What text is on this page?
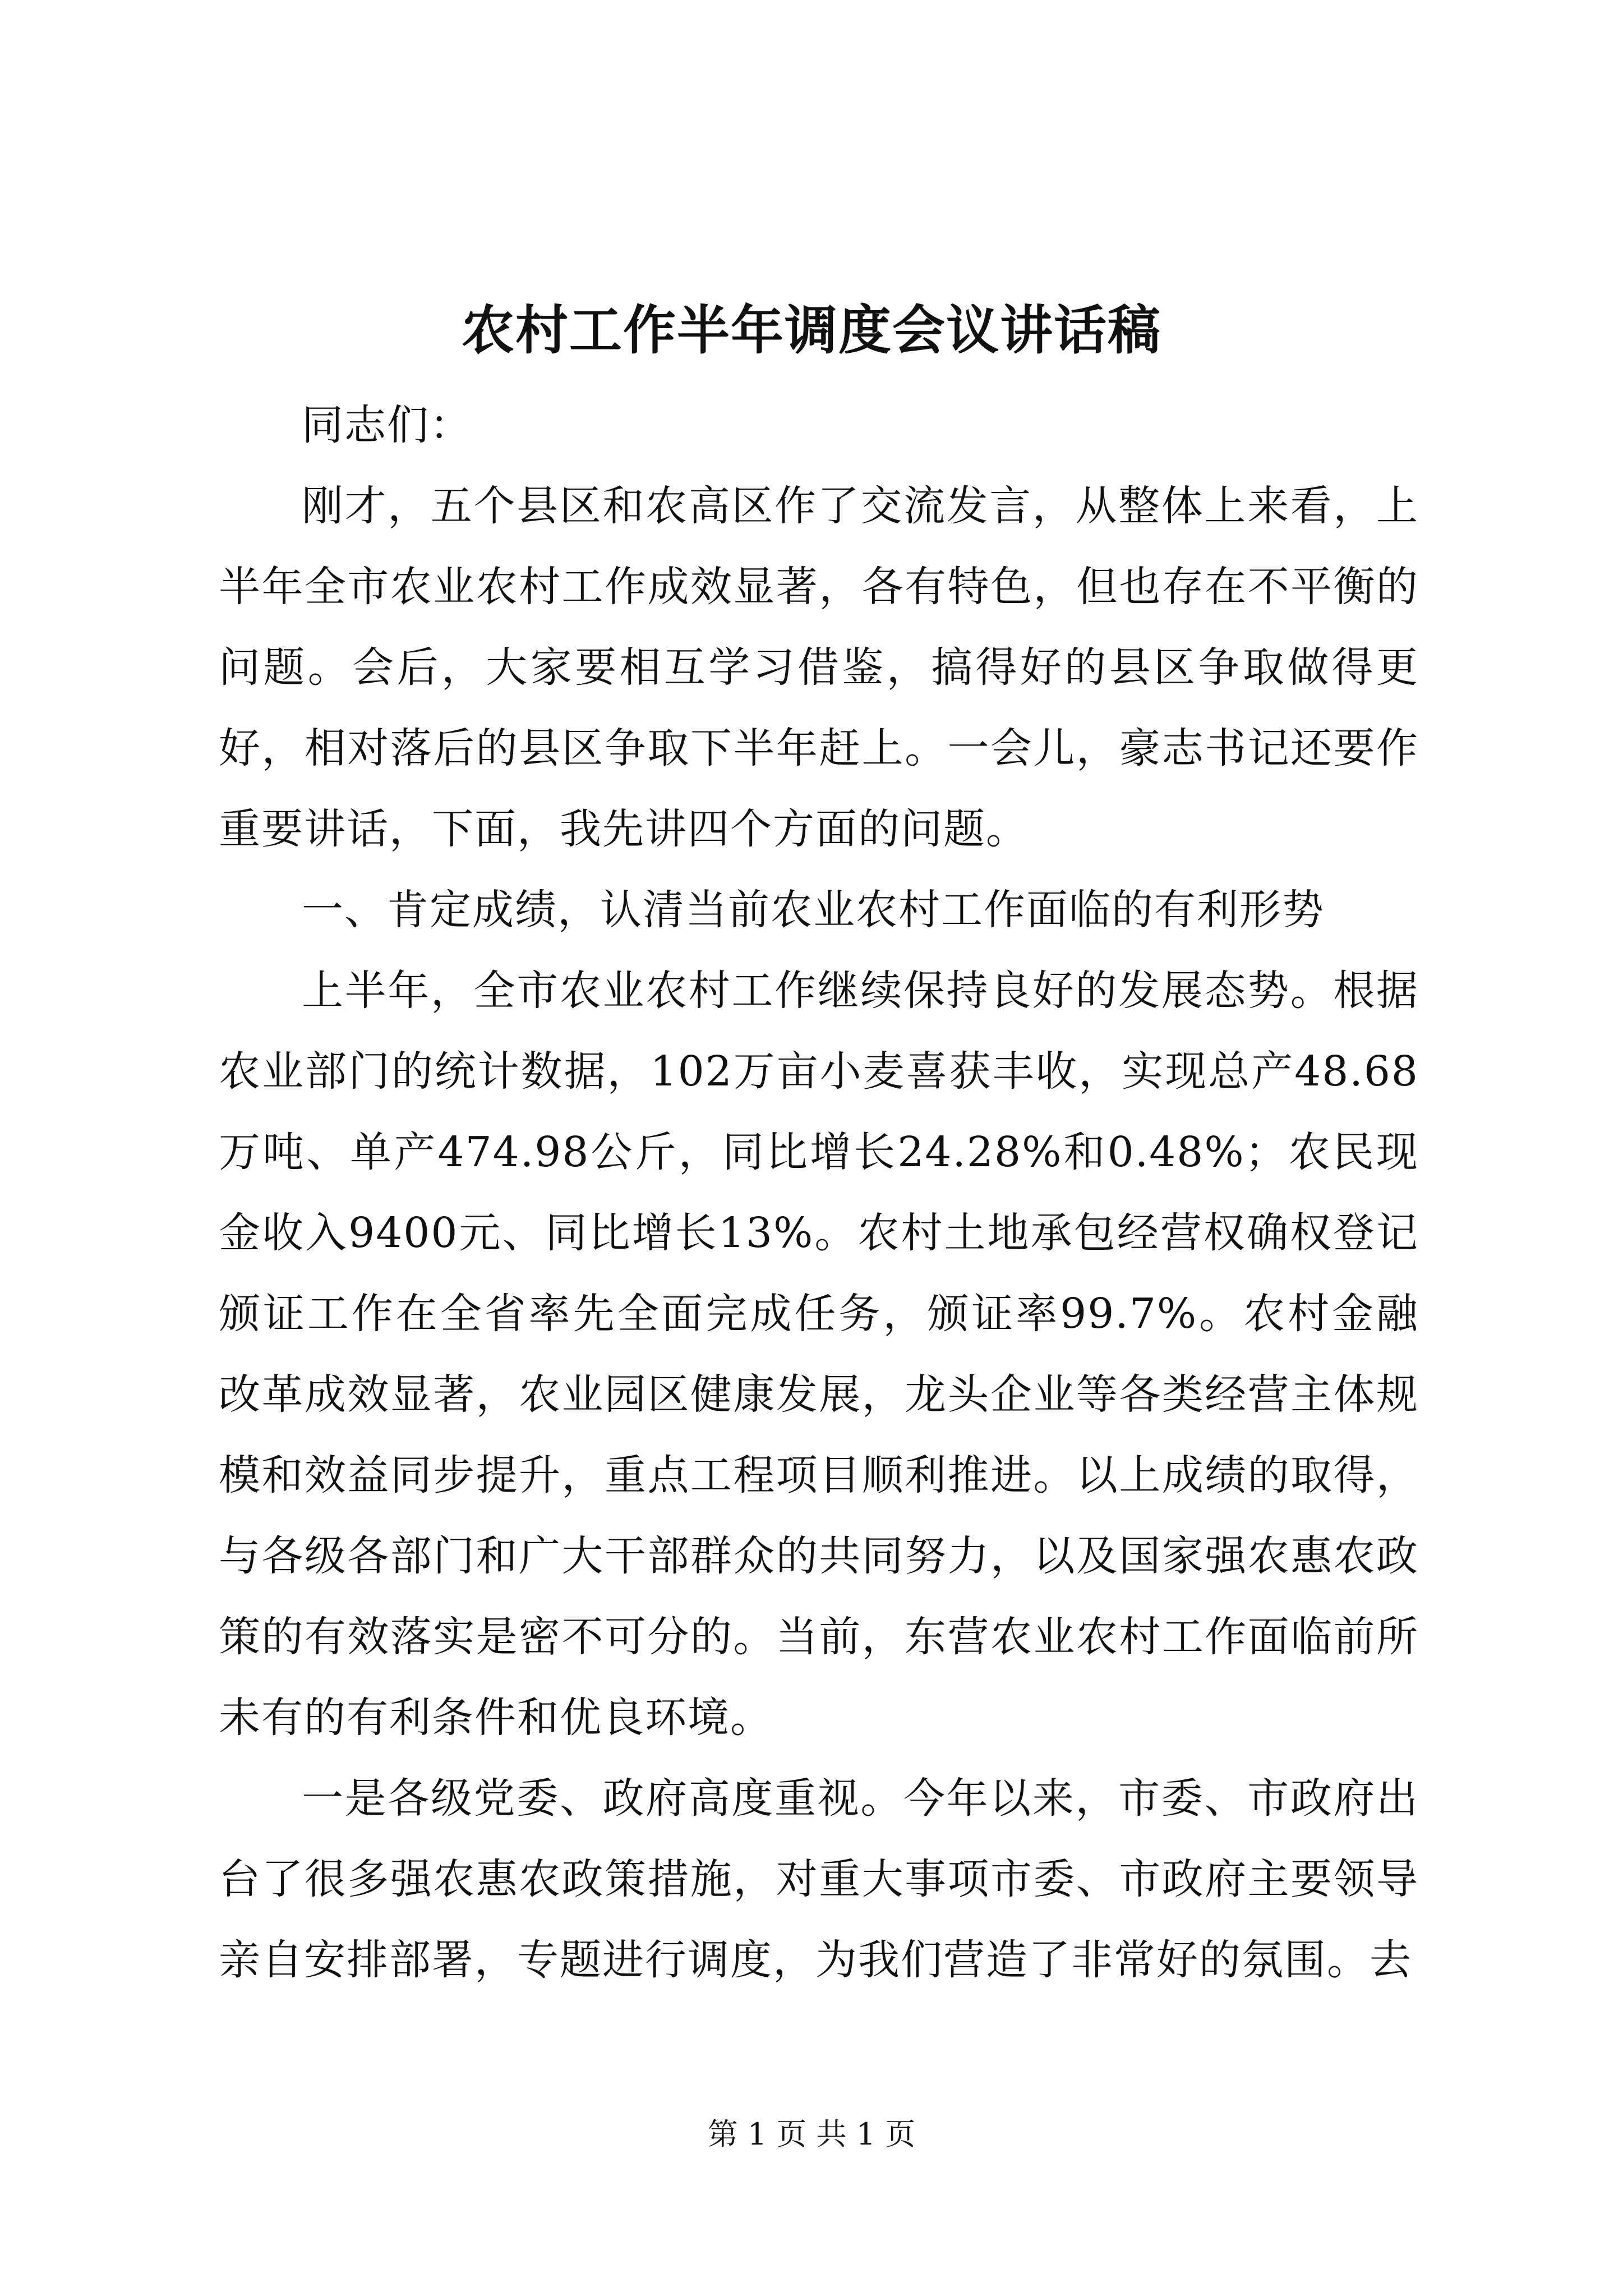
农村工作半年调度会议讲话稿

同志们：

刚才，五个县区和农高区作了交流发言，从整体上来看，上半年全市农业农村工作成效显著，各有特色，但也存在不平衡的问题。会后，大家要相互学习借鉴，搞得好的县区争取做得更好，相对落后的县区争取下半年赶上。一会儿，豪志书记还要作重要讲话，下面，我先讲四个方面的问题。

一、肯定成绩，认清当前农业农村工作面临的有利形势

上半年，全市农业农村工作继续保持良好的发展态势。根据农业部门的统计数据，102万亩小麦喜获丰收，实现总产48.68万吨、单产474.98公斤，同比增长24.28%和0.48%；农民现金收入9400元、同比增长13%。农村土地承包经营权确权登记颁证工作在全省率先全面完成任务，颁证率99.7%。农村金融改革成效显著，农业园区健康发展，龙头企业等各类经营主体规模和效益同步提升，重点工程项目顺利推进。以上成绩的取得，与各级各部门和广大干部群众的共同努力，以及国家强农惠农政策的有效落实是密不可分的。当前，东营农业农村工作面临前所未有的有利条件和优良环境。

一是各级党委、政府高度重视。今年以来，市委、市政府出台了很多强农惠农政策措施，对重大事项市委、市政府主要领导亲自安排部署，专题进行调度，为我们营造了非常好的氛围。去

第 1 页 共 1 页
